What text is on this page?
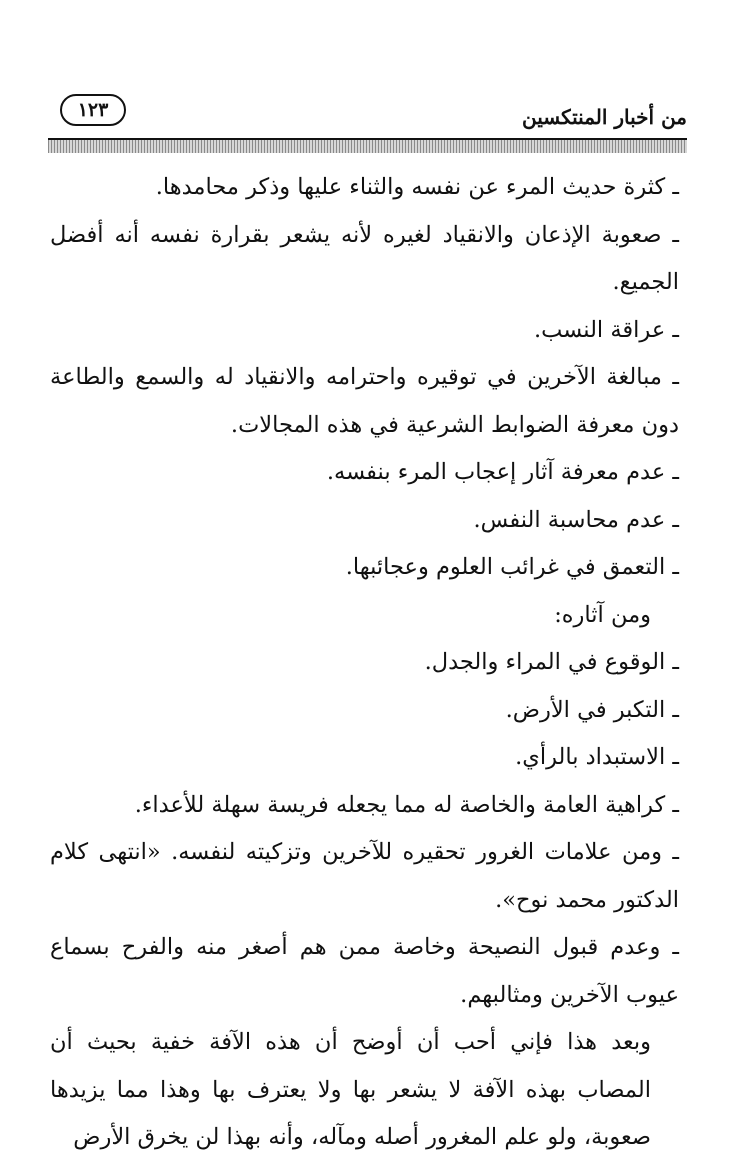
من أخبار المنتكسين
١٢٣

ـ كثرة حديث المرء عن نفسه والثناء عليها وذكر محامدها.

ـ صعوبة الإذعان والانقياد لغيره لأنه يشعر بقرارة نفسه أنه أفضل الجميع.

ـ عراقة النسب.

ـ مبالغة الآخرين في توقيره واحترامه والانقياد له والسمع والطاعة دون معرفة الضوابط الشرعية في هذه المجالات.

ـ عدم معرفة آثار إعجاب المرء بنفسه.

ـ عدم محاسبة النفس.

ـ التعمق في غرائب العلوم وعجائبها.

ومن آثاره:

ـ الوقوع في المراء والجدل.

ـ التكبر في الأرض.

ـ الاستبداد بالرأي.

ـ كراهية العامة والخاصة له مما يجعله فريسة سهلة للأعداء.

ـ ومن علامات الغرور تحقيره للآخرين وتزكيته لنفسه. «انتهى كلام الدكتور محمد نوح».

ـ وعدم قبول النصيحة وخاصة ممن هم أصغر منه والفرح بسماع عيوب الآخرين ومثالبهم.

وبعد هذا فإني أحب أن أوضح أن هذه الآفة خفية بحيث أن المصاب بهذه الآفة لا يشعر بها ولا يعترف بها وهذا مما يزيدها صعوبة، ولو علم المغرور أصله ومآله، وأنه بهذا لن يخرق الأرض
